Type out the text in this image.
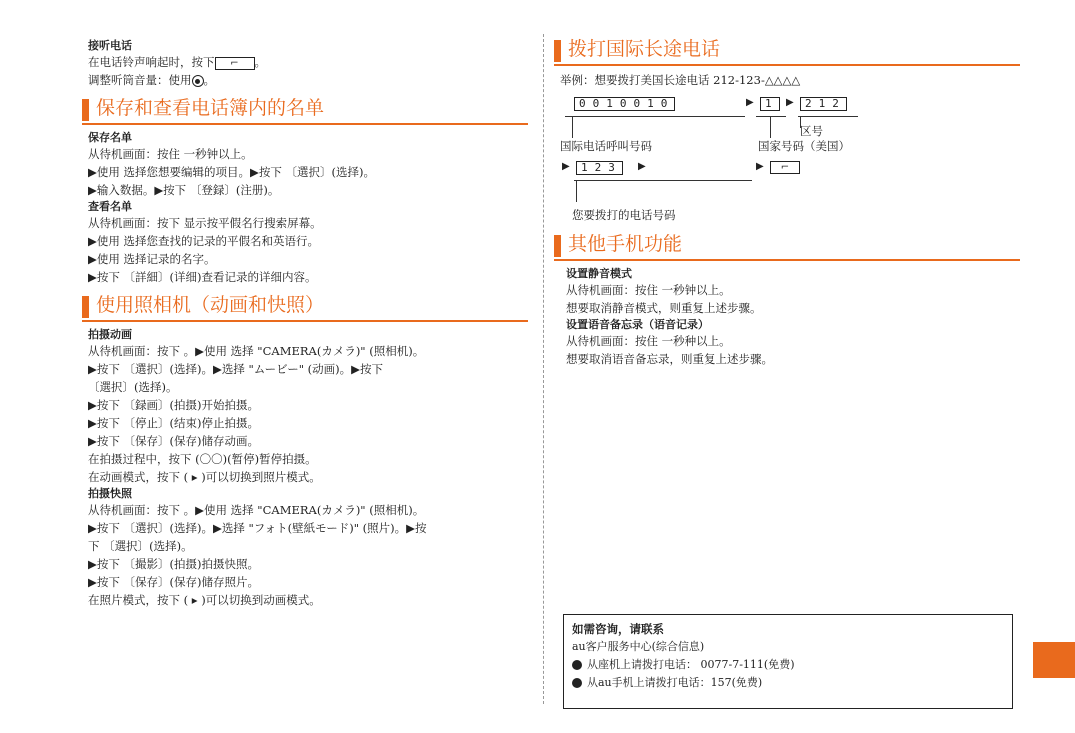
接听电话

在电话铃声响起时，按下 ⌐ 。

调整听筒音量：使用 。

保存和查看电话簿内的名单

保存名单

从待机画面：按住 一秒钟以上。

▶使用 选择您想要编辑的项目。▶按下 〔選択〕(选择)。

▶输入数据。▶按下 〔登録〕(注册)。

查看名单

从待机画面：按下 显示按平假名行搜索屏幕。

▶使用 选择您查找的记录的平假名和英语行。

▶使用 选择记录的名字。

▶按下 〔詳細〕(详细)查看记录的详细内容。

使用照相机（动画和快照）

拍摄动画

从待机画面：按下 。▶使用 选择 "CAMERA(カメラ)" (照相机)。

▶按下 〔選択〕(选择)。▶选择 "ムービー" (动画)。▶按下

〔選択〕(选择)。

▶按下 〔録画〕(拍摄)开始拍摄。

▶按下 〔停止〕(结束)停止拍摄。

▶按下 〔保存〕(保存)储存动画。

在拍摄过程中，按下 (〇〇)(暂停)暂停拍摄。

在动画模式，按下 ( ▸ )可以切换到照片模式。

拍摄快照

从待机画面：按下 。▶使用 选择 "CAMERA(カメラ)" (照相机)。

▶按下 〔選択〕(选择)。▶选择 "フォト(壁紙モード)" (照片)。▶按

下 〔選択〕(选择)。

▶按下 〔撮影〕(拍摄)拍摄快照。

▶按下 〔保存〕(保存)储存照片。

在照片模式，按下 ( ▸ )可以切换到动画模式。

拨打国际长途电话

举例：想要拨打美国长途电话 212-123-△△△△

0010010	▶	1 ▶	212
区号
国际电话呼叫号码	国家号码（美国）
▶	123 ▶	▶	⌐
您要拨打的电话号码
其他手机功能

设置静音模式

从待机画面：按住 一秒钟以上。

想要取消静音模式，则重复上述步骤。

设置语音备忘录（语音记录）

从待机画面：按住 一秒种以上。

想要取消语音备忘录，则重复上述步骤。

如需咨询，请联系
au客户服务中心(综合信息)
从座机上请拨打电话： 0077-7-111(免费)
从au手机上请拨打电话：157(免费)
